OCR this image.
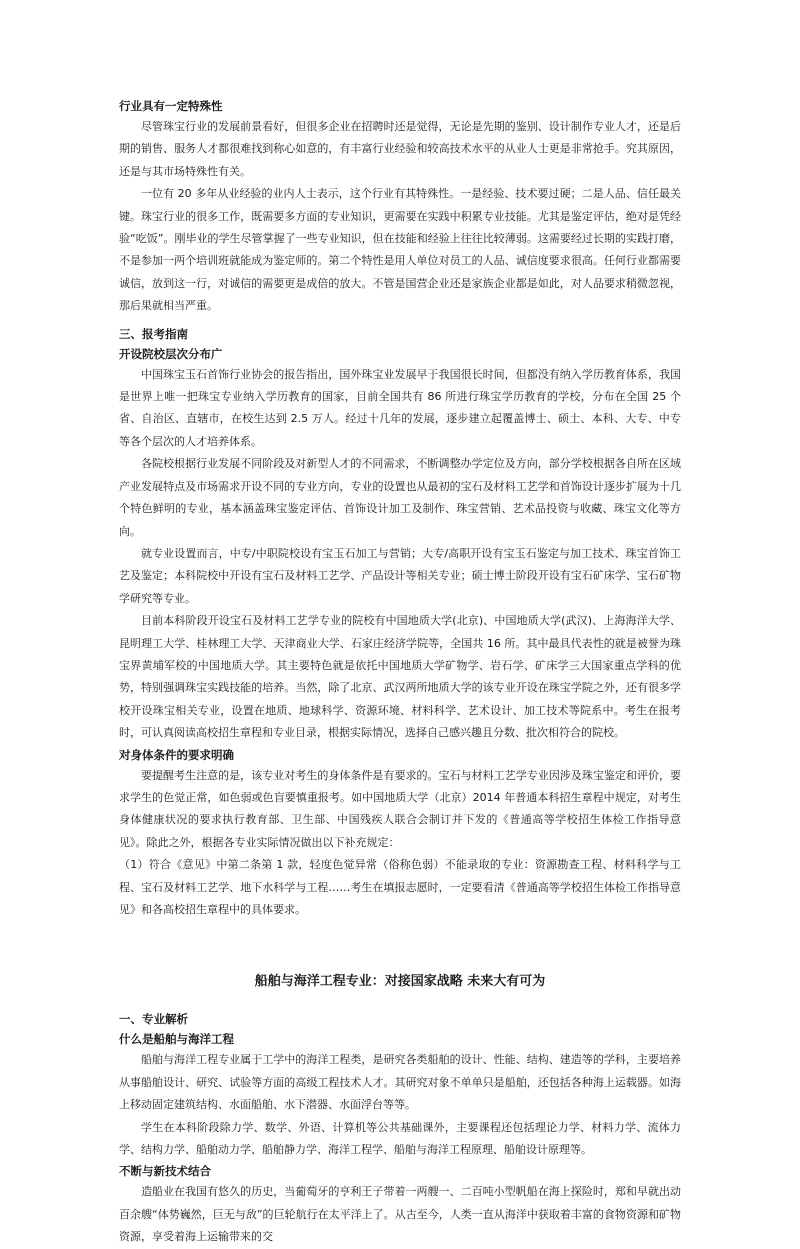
行业具有一定特殊性

尽管珠宝行业的发展前景看好，但很多企业在招聘时还是觉得，无论是先期的鉴别、设计制作专业人才，还是后期的销售、服务人才都很难找到称心如意的，有丰富行业经验和较高技术水平的从业人士更是非常抢手。究其原因，还是与其市场特殊性有关。

一位有 20 多年从业经验的业内人士表示，这个行业有其特殊性。一是经验、技术要过硬；二是人品、信任最关键。珠宝行业的很多工作，既需要多方面的专业知识，更需要在实践中积累专业技能。尤其是鉴定评估，绝对是凭经验“吃饭”。刚毕业的学生尽管掌握了一些专业知识，但在技能和经验上往往比较薄弱。这需要经过长期的实践打磨，不是参加一两个培训班就能成为鉴定师的。第二个特性是用人单位对员工的人品、诚信度要求很高。任何行业都需要诚信，放到这一行，对诚信的需要更是成倍的放大。不管是国营企业还是家族企业都是如此，对人品要求稍微忽视，那后果就相当严重。

三、报考指南

开设院校层次分布广

中国珠宝玉石首饰行业协会的报告指出，国外珠宝业发展早于我国很长时间，但都没有纳入学历教育体系，我国是世界上唯一把珠宝专业纳入学历教育的国家，目前全国共有 86 所进行珠宝学历教育的学校，分布在全国 25 个省、自治区、直辖市，在校生达到 2.5 万人。经过十几年的发展，逐步建立起覆盖博士、硕士、本科、大专、中专等各个层次的人才培养体系。

各院校根据行业发展不同阶段及对新型人才的不同需求，不断调整办学定位及方向，部分学校根据各自所在区域产业发展特点及市场需求开设不同的专业方向，专业的设置也从最初的宝石及材料工艺学和首饰设计逐步扩展为十几个特色鲜明的专业，基本涵盖珠宝鉴定评估、首饰设计加工及制作、珠宝营销、艺术品投资与收藏、珠宝文化等方向。

就专业设置而言，中专/中职院校设有宝玉石加工与营销；大专/高职开设有宝玉石鉴定与加工技术、珠宝首饰工艺及鉴定；本科院校中开设有宝石及材料工艺学、产品设计等相关专业；硕士博士阶段开设有宝石矿床学、宝石矿物学研究等专业。

目前本科阶段开设宝石及材料工艺学专业的院校有中国地质大学(北京)、中国地质大学(武汉)、上海海洋大学、昆明理工大学、桂林理工大学、天津商业大学、石家庄经济学院等，全国共 16 所。其中最具代表性的就是被誉为珠宝界黄埔军校的中国地质大学。其主要特色就是依托中国地质大学矿物学、岩石学、矿床学三大国家重点学科的优势，特别强调珠宝实践技能的培养。当然，除了北京、武汉两所地质大学的该专业开设在珠宝学院之外，还有很多学校开设珠宝相关专业，设置在地质、地球科学、资源环境、材料科学、艺术设计、加工技术等院系中。考生在报考时，可认真阅读高校招生章程和专业目录，根据实际情况，选择自己感兴趣且分数、批次相符合的院校。

对身体条件的要求明确

要提醒考生注意的是，该专业对考生的身体条件是有要求的。宝石与材料工艺学专业因涉及珠宝鉴定和评价，要求学生的色觉正常，如色弱或色盲要慎重报考。如中国地质大学（北京）2014 年普通本科招生章程中规定，对考生身体健康状况的要求执行教育部、卫生部、中国残疾人联合会制订并下发的《普通高等学校招生体检工作指导意见》。除此之外，根据各专业实际情况做出以下补充规定：

（1）符合《意见》中第二条第 1 款，轻度色觉异常（俗称色弱）不能录取的专业：资源勘查工程、材料科学与工程、宝石及材料工艺学、地下水科学与工程……考生在填报志愿时，一定要看清《普通高等学校招生体检工作指导意见》和各高校招生章程中的具体要求。

船舶与海洋工程专业：对接国家战略 未来大有可为

一、专业解析

什么是船舶与海洋工程

船舶与海洋工程专业属于工学中的海洋工程类，是研究各类船舶的设计、性能、结构、建造等的学科，主要培养从事船舶设计、研究、试验等方面的高级工程技术人才。其研究对象不单单只是船舶，还包括各种海上运载器。如海上移动固定建筑结构、水面船舶、水下潜器、水面浮台等等。

学生在本科阶段除力学、数学、外语、计算机等公共基础课外，主要课程还包括理论力学、材料力学、流体力学、结构力学、船舶动力学、船舶静力学、海洋工程学、船舶与海洋工程原理、船舶设计原理等。

不断与新技术结合

造船业在我国有悠久的历史，当葡萄牙的亨利王子带着一两艘一、二百吨小型帆船在海上探险时，郑和早就出动百余艘“体势巍然，巨无与敌”的巨轮航行在太平洋上了。从古至今，人类一直从海洋中获取着丰富的食物资源和矿物资源，享受着海上运输带来的交
